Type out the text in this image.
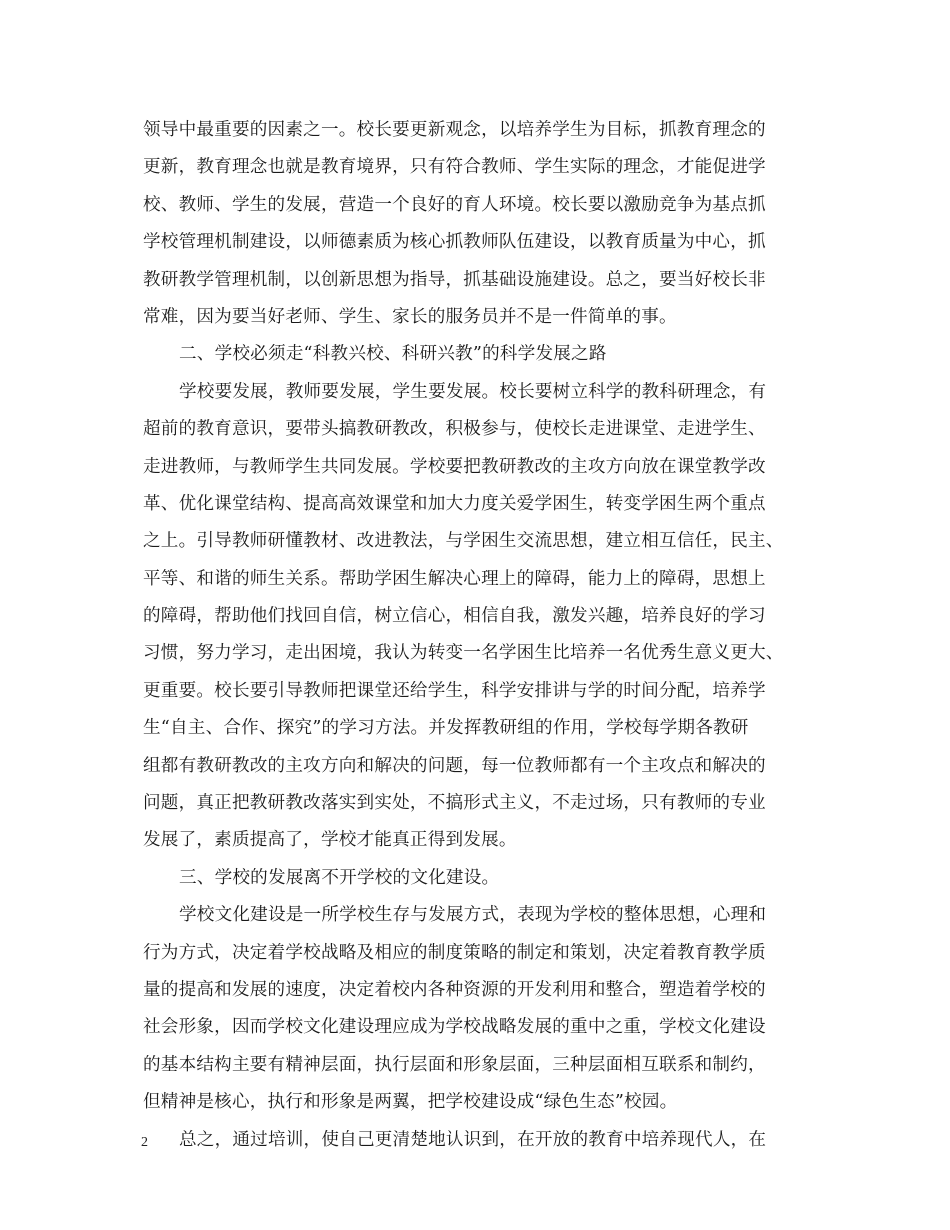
领导中最重要的因素之一。校长要更新观念，以培养学生为目标，抓教育理念的
更新，教育理念也就是教育境界，只有符合教师、学生实际的理念，才能促进学
校、教师、学生的发展，营造一个良好的育人环境。校长要以激励竞争为基点抓
学校管理机制建设，以师德素质为核心抓教师队伍建设，以教育质量为中心，抓
教研教学管理机制，以创新思想为指导，抓基础设施建设。总之，要当好校长非
常难，因为要当好老师、学生、家长的服务员并不是一件简单的事。
二、学校必须走“科教兴校、科研兴教”的科学发展之路
学校要发展，教师要发展，学生要发展。校长要树立科学的教科研理念，有
超前的教育意识，要带头搞教研教改，积极参与，使校长走进课堂、走进学生、
走进教师，与教师学生共同发展。学校要把教研教改的主攻方向放在课堂教学改
革、优化课堂结构、提高高效课堂和加大力度关爱学困生，转变学困生两个重点
之上。引导教师研懂教材、改进教法，与学困生交流思想，建立相互信任，民主、
平等、和谐的师生关系。帮助学困生解决心理上的障碍，能力上的障碍，思想上
的障碍，帮助他们找回自信，树立信心，相信自我，激发兴趣，培养良好的学习
习惯，努力学习，走出困境，我认为转变一名学困生比培养一名优秀生意义更大、
更重要。校长要引导教师把课堂还给学生，科学安排讲与学的时间分配，培养学
生“自主、合作、探究”的学习方法。并发挥教研组的作用，学校每学期各教研
组都有教研教改的主攻方向和解决的问题，每一位教师都有一个主攻点和解决的
问题，真正把教研教改落实到实处，不搞形式主义，不走过场，只有教师的专业
发展了，素质提高了，学校才能真正得到发展。
三、学校的发展离不开学校的文化建设。
学校文化建设是一所学校生存与发展方式，表现为学校的整体思想，心理和
行为方式，决定着学校战略及相应的制度策略的制定和策划，决定着教育教学质
量的提高和发展的速度，决定着校内各种资源的开发利用和整合，塑造着学校的
社会形象，因而学校文化建设理应成为学校战略发展的重中之重，学校文化建设
的基本结构主要有精神层面，执行层面和形象层面，三种层面相互联系和制约，
但精神是核心，执行和形象是两翼，把学校建设成“绿色生态”校园。
总之，通过培训，使自己更清楚地认识到，在开放的教育中培养现代人，在
2
